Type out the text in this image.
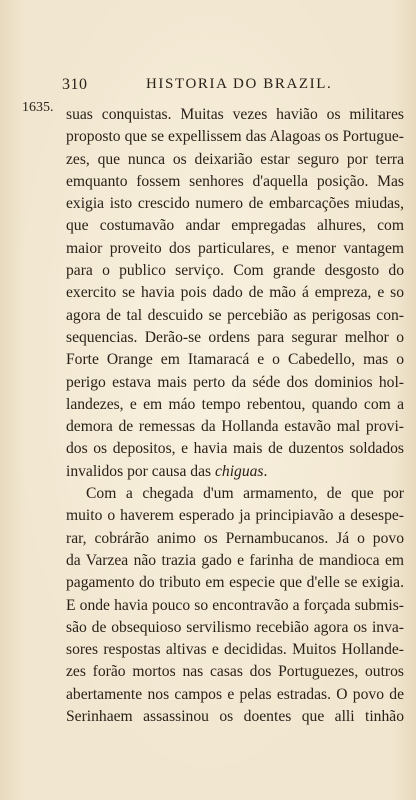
310	HISTORIA DO BRAZIL.
1635. suas conquistas. Muitas vezes havião os militares
proposto que se expellissem das Alagoas os Portugue-
zes, que nunca os deixarião estar seguro por terra
emquanto fossem senhores d'aquella posição. Mas
exigia isto crescido numero de embarcações miudas,
que costumavão andar empregadas alhures, com
maior proveito dos particulares, e menor vantagem
para o publico serviço. Com grande desgosto do
exercito se havia pois dado de mão á empreza, e so
agora de tal descuido se percebião as perigosas con-
sequencias. Derão-se ordens para segurar melhor o
Forte Orange em Itamaracá e o Cabedello, mas o
perigo estava mais perto da séde dos dominios hol-
landezes, e em máo tempo rebentou, quando com a
demora de remessas da Hollanda estavão mal provi-
dos os depositos, e havia mais de duzentos soldados
invalidos por causa das chiguas.
Com a chegada d'um armamento, de que por
muito o haverem esperado ja principiavão a desespe-
rar, cobrárão animo os Pernambucanos. Já o povo
da Varzea não trazia gado e farinha de mandioca em
pagamento do tributo em especie que d'elle se exigia.
E onde havia pouco so encontravão a forçada submis-
são de obsequioso servilismo recebião agora os inva-
sores respostas altivas e decididas. Muitos Hollande-
zes forão mortos nas casas dos Portuguezes, outros
abertamente nos campos e pelas estradas. O povo de
Serinhaem assassinou os doentes que alli tinhão
